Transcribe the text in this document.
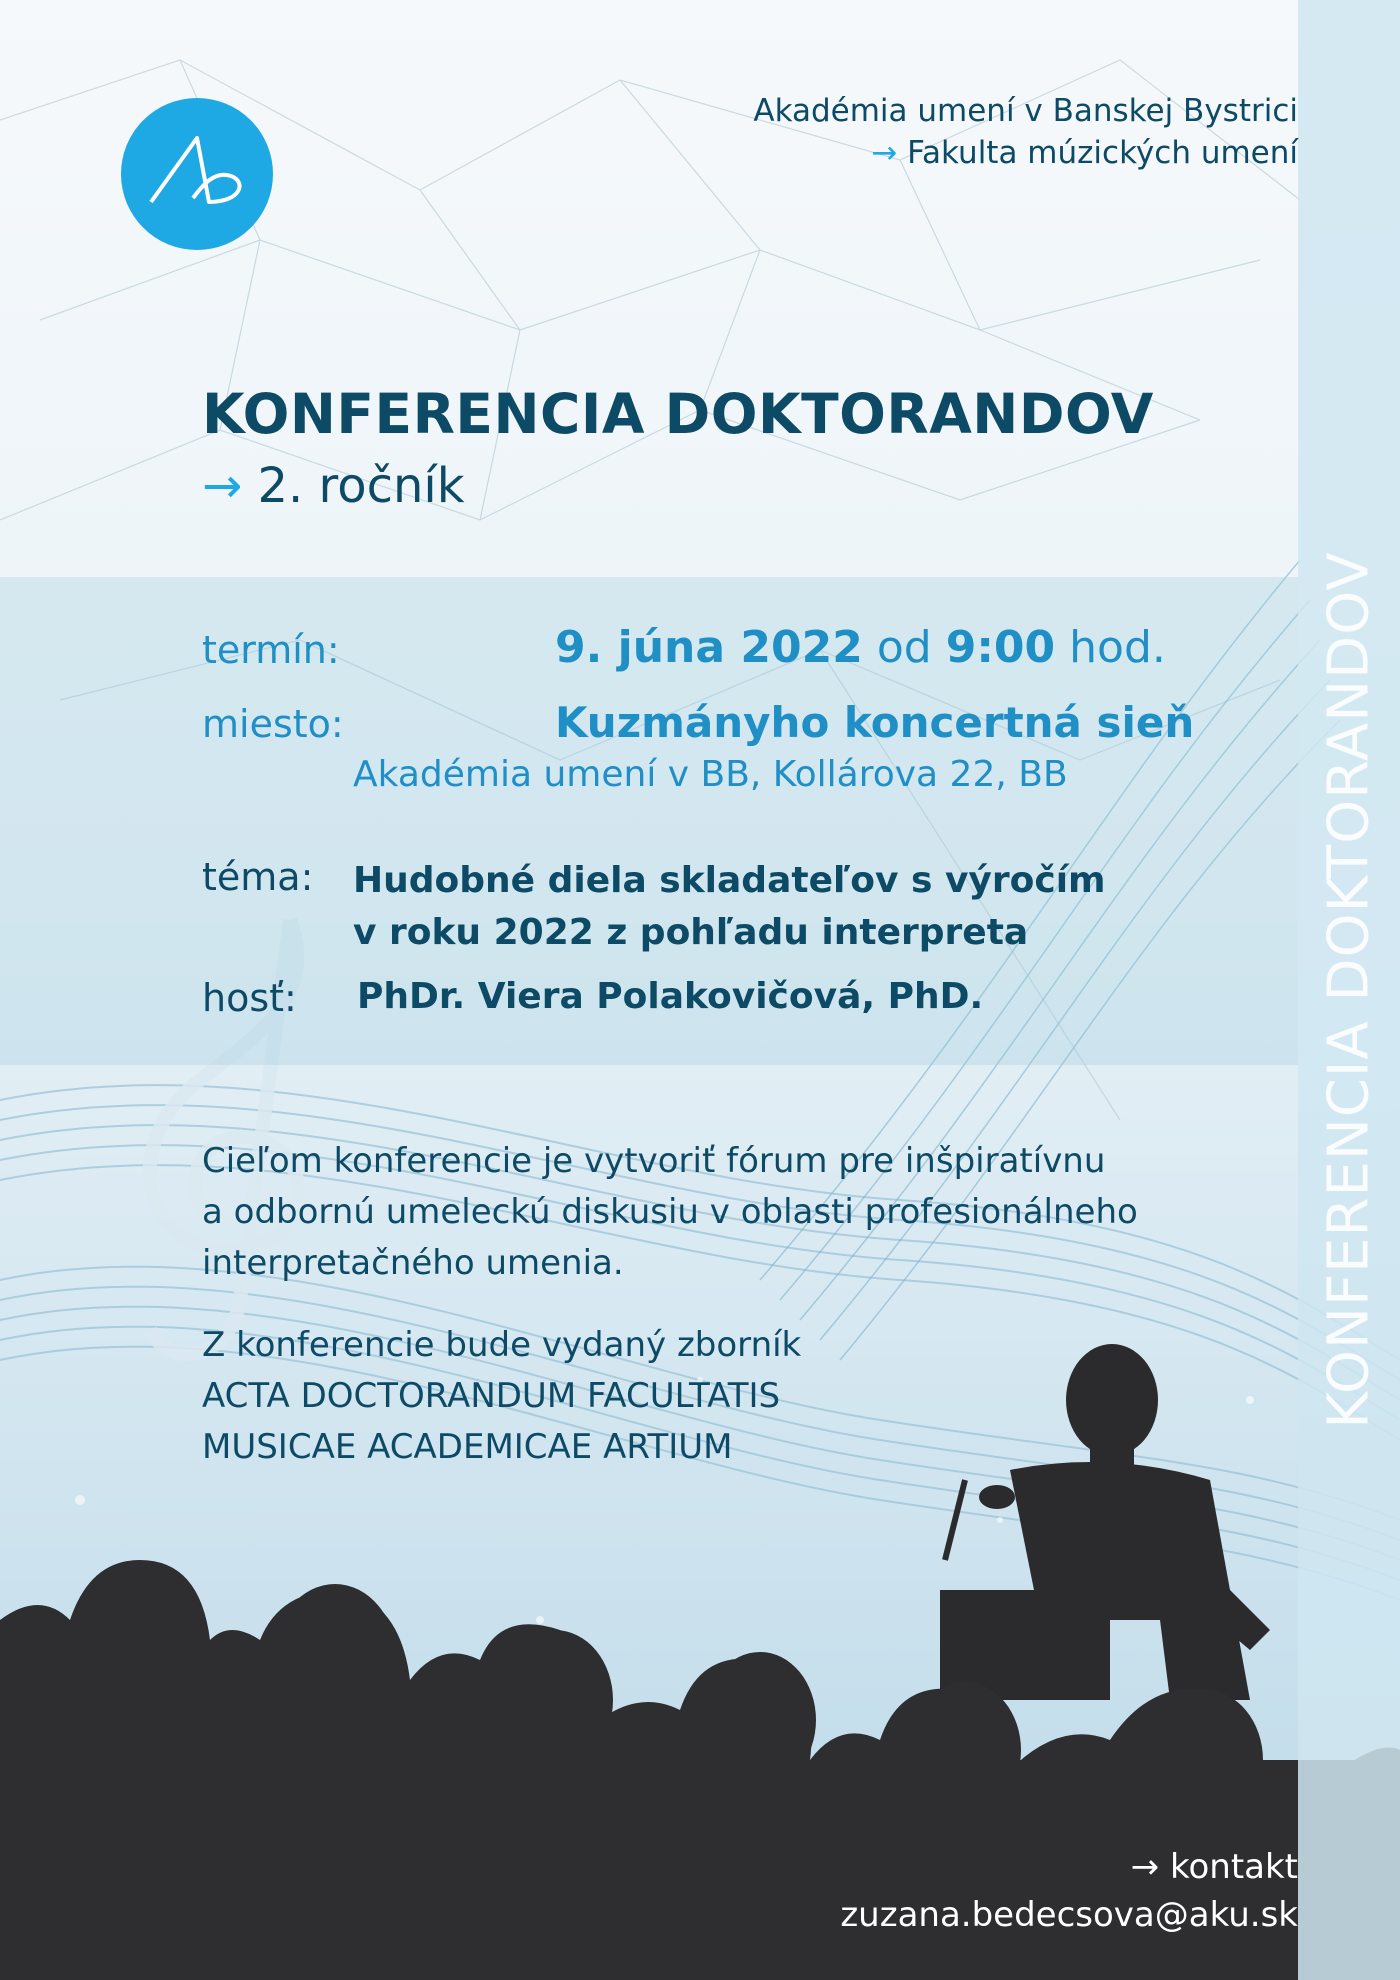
KONFERENCIA DOKTORANDOV
Akadémia umení v Banskej Bystrici
→ Fakulta múzických umení
KONFERENCIA DOKTORANDOV
→ 2. ročník
termín:	9. júna 2022 od 9:00 hod.
miesto:	Kuzmányho koncertná sieň
Akadémia umení v BB, Kollárova 22, BB
téma: Hudobné diela skladateľov s výročím
v roku 2022 z pohľadu interpreta
hosť: PhDr. Viera Polakovičová, PhD.
Cieľom konferencie je vytvoriť fórum pre inšpiratívnu
a odbornú umeleckú diskusiu v oblasti profesionálneho
interpretačného umenia.
Z konferencie bude vydaný zborník
ACTA DOCTORANDUM FACULTATIS
MUSICAE ACADEMICAE ARTIUM
→ kontakt
zuzana.bedecsova@aku.sk
